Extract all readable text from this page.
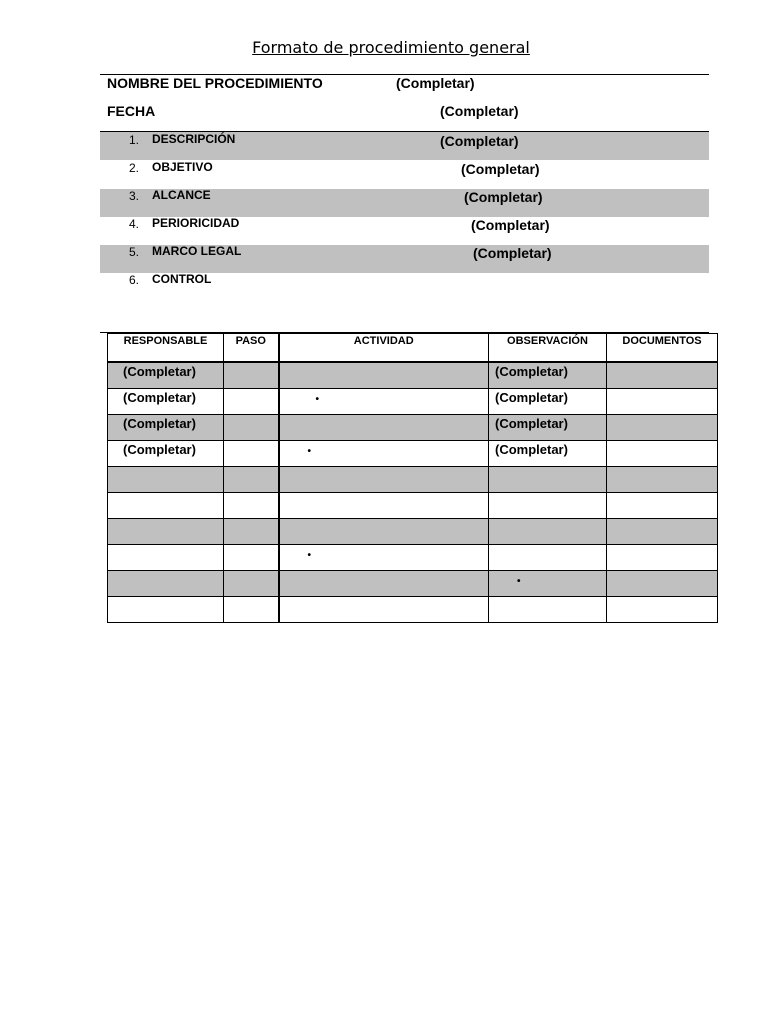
Formato de procedimiento general
NOMBRE DEL PROCEDIMIENTO	(Completar)
FECHA	(Completar)
1. DESCRIPCIÓN	(Completar)
2. OBJETIVO	(Completar)
3. ALCANCE	(Completar)
4. PERIORICIDAD	(Completar)
5. MARCO LEGAL	(Completar)
6. CONTROL
RESPONSABLE	PASO	ACTIVIDAD	OBSERVACIÓN	DOCUMENTOS

(Completar)			(Completar)	

(Completar)		•	(Completar)	

(Completar)			(Completar)	

(Completar)		•	(Completar)	

		•		

			•	
